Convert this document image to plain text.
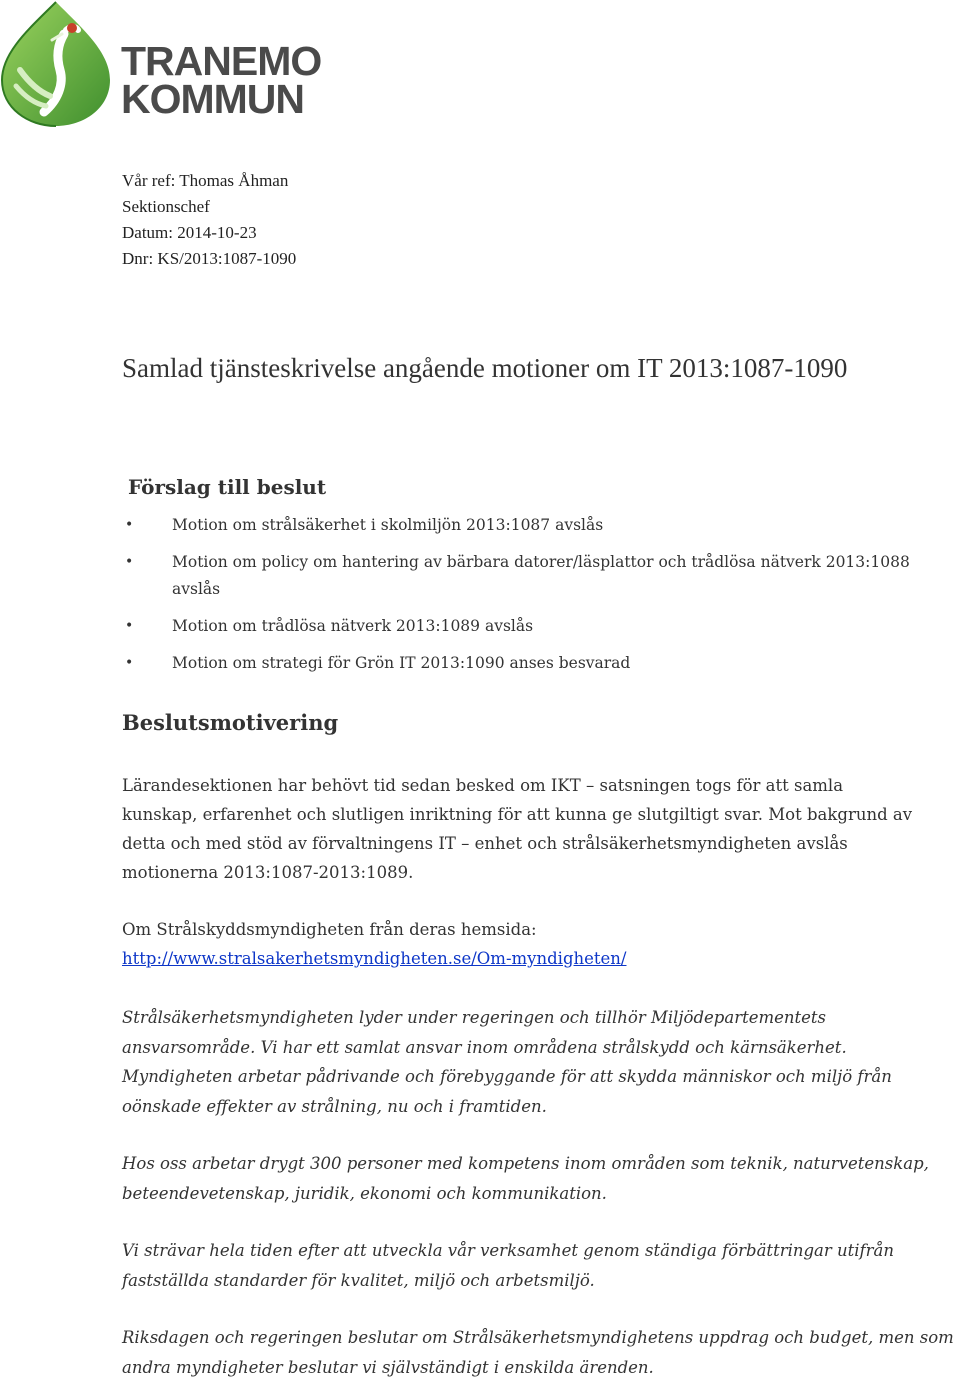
TRANEMO
KOMMUN
Vår ref: Thomas Åhman
Sektionschef
Datum: 2014-10-23
Dnr: KS/2013:1087-1090
Samlad tjänsteskrivelse angående motioner om IT 2013:1087-1090
Förslag till beslut
• Motion om strålsäkerhet i skolmiljön 2013:1087 avslås
• Motion om policy om hantering av bärbara datorer/läsplattor och trådlösa nätverk 2013:1088 avslås
• Motion om trådlösa nätverk 2013:1089 avslås
• Motion om strategi för Grön IT 2013:1090 anses besvarad
Beslutsmotivering

Lärandesektionen har behövt tid sedan besked om IKT – satsningen togs för att samla kunskap, erfarenhet och slutligen inriktning för att kunna ge slutgiltigt svar. Mot bakgrund av detta och med stöd av förvaltningens IT – enhet och strålsäkerhetsmyndigheten avslås motionerna 2013:1087-2013:1089.

Om Strålskyddsmyndigheten från deras hemsida:

http://www.stralsakerhetsmyndigheten.se/Om-myndigheten/

Strålsäkerhetsmyndigheten lyder under regeringen och tillhör Miljödepartementets ansvarsområde. Vi har ett samlat ansvar inom områdena strålskydd och kärnsäkerhet. Myndigheten arbetar pådrivande och förebyggande för att skydda människor och miljö från oönskade effekter av strålning, nu och i framtiden.

Hos oss arbetar drygt 300 personer med kompetens inom områden som teknik, naturvetenskap, beteendevetenskap, juridik, ekonomi och kommunikation.

Vi strävar hela tiden efter att utveckla vår verksamhet genom ständiga förbättringar utifrån fastställda standarder för kvalitet, miljö och arbetsmiljö.

Riksdagen och regeringen beslutar om Strålsäkerhetsmyndighetens uppdrag och budget, men som andra myndigheter beslutar vi självständigt i enskilda ärenden.
